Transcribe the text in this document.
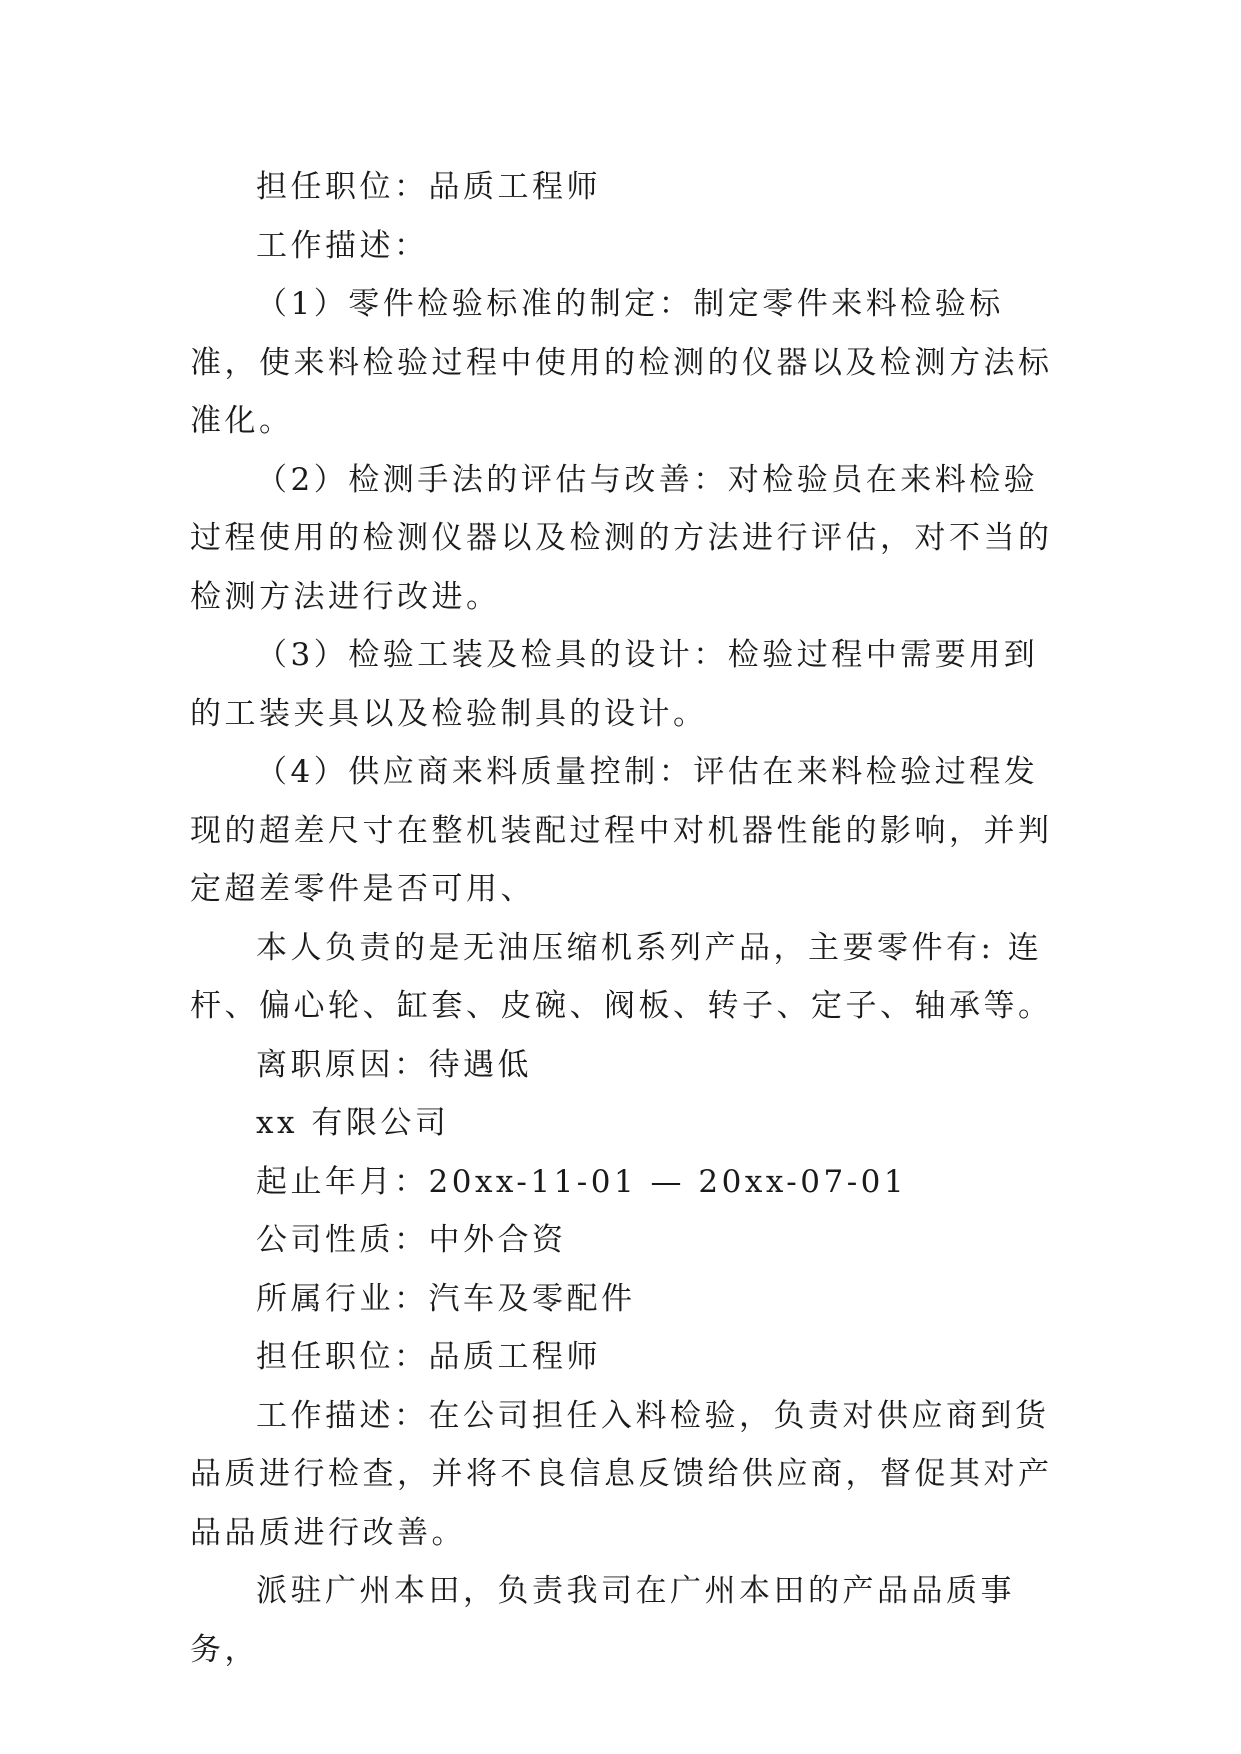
担任职位：品质工程师

工作描述：

（1）零件检验标准的制定：制定零件来料检验标准，使来料检验过程中使用的检测的仪器以及检测方法标准化。

（2）检测手法的评估与改善：对检验员在来料检验过程使用的检测仪器以及检测的方法进行评估，对不当的检测方法进行改进。

（3）检验工装及检具的设计：检验过程中需要用到的工装夹具以及检验制具的设计。

（4）供应商来料质量控制：评估在来料检验过程发现的超差尺寸在整机装配过程中对机器性能的影响，并判定超差零件是否可用、

本人负责的是无油压缩机系列产品，主要零件有: 连杆、偏心轮、缸套、皮碗、阀板、转子、定子、轴承等。

离职原因：待遇低

xx 有限公司

起止年月：20xx-11-01 — 20xx-07-01

公司性质：中外合资

所属行业：汽车及零配件

担任职位：品质工程师

工作描述：在公司担任入料检验，负责对供应商到货品质进行检查，并将不良信息反馈给供应商，督促其对产品品质进行改善。

派驻广州本田，负责我司在广州本田的产品品质事务，
